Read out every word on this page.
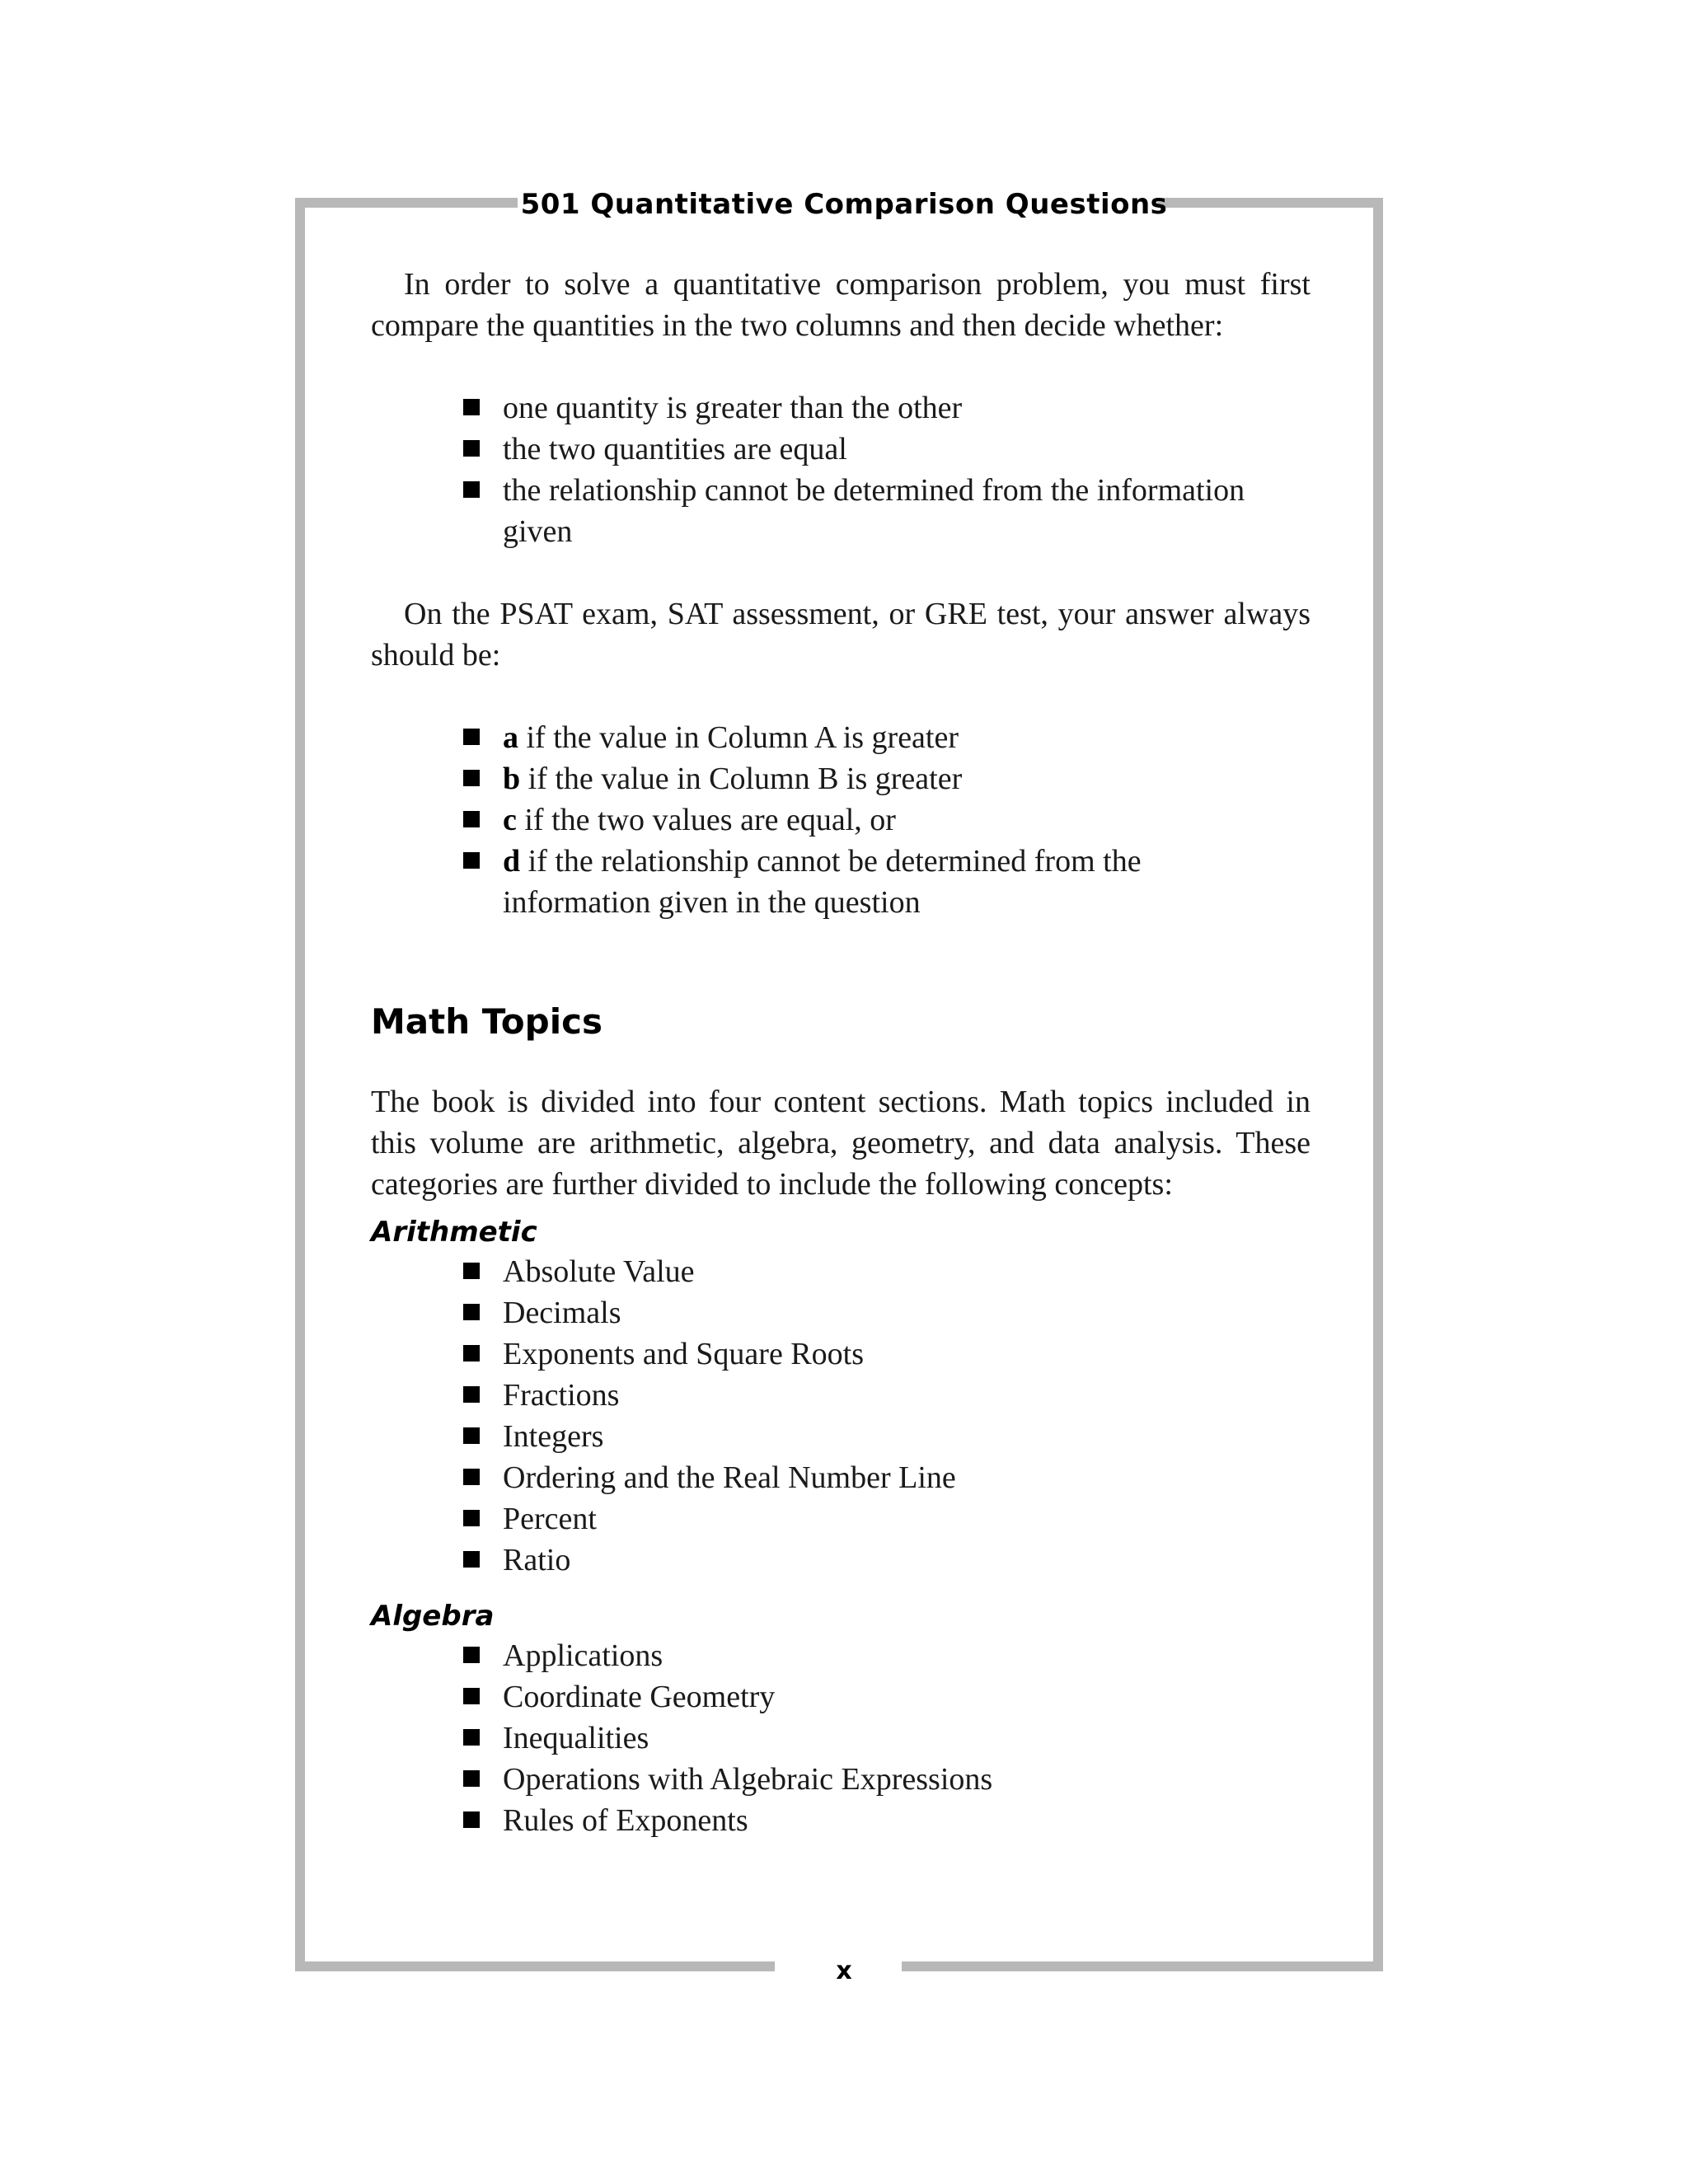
501 Quantitative Comparison Questions

In order to solve a quantitative comparison problem, you must first compare the quantities in the two columns and then decide whether:

one quantity is greater than the other
the two quantities are equal
the relationship cannot be determined from the information given

On the PSAT exam, SAT assessment, or GRE test, your answer always should be:

a if the value in Column A is greater
b if the value in Column B is greater
c if the two values are equal, or
d if the relationship cannot be determined from the information given in the question
Math Topics

The book is divided into four content sections. Math topics included in this volume are arithmetic, algebra, geometry, and data analysis. These categories are further divided to include the following concepts:

Arithmetic
Absolute Value
Decimals
Exponents and Square Roots
Fractions
Integers
Ordering and the Real Number Line
Percent
Ratio
Algebra
Applications
Coordinate Geometry
Inequalities
Operations with Algebraic Expressions
Rules of Exponents
x
